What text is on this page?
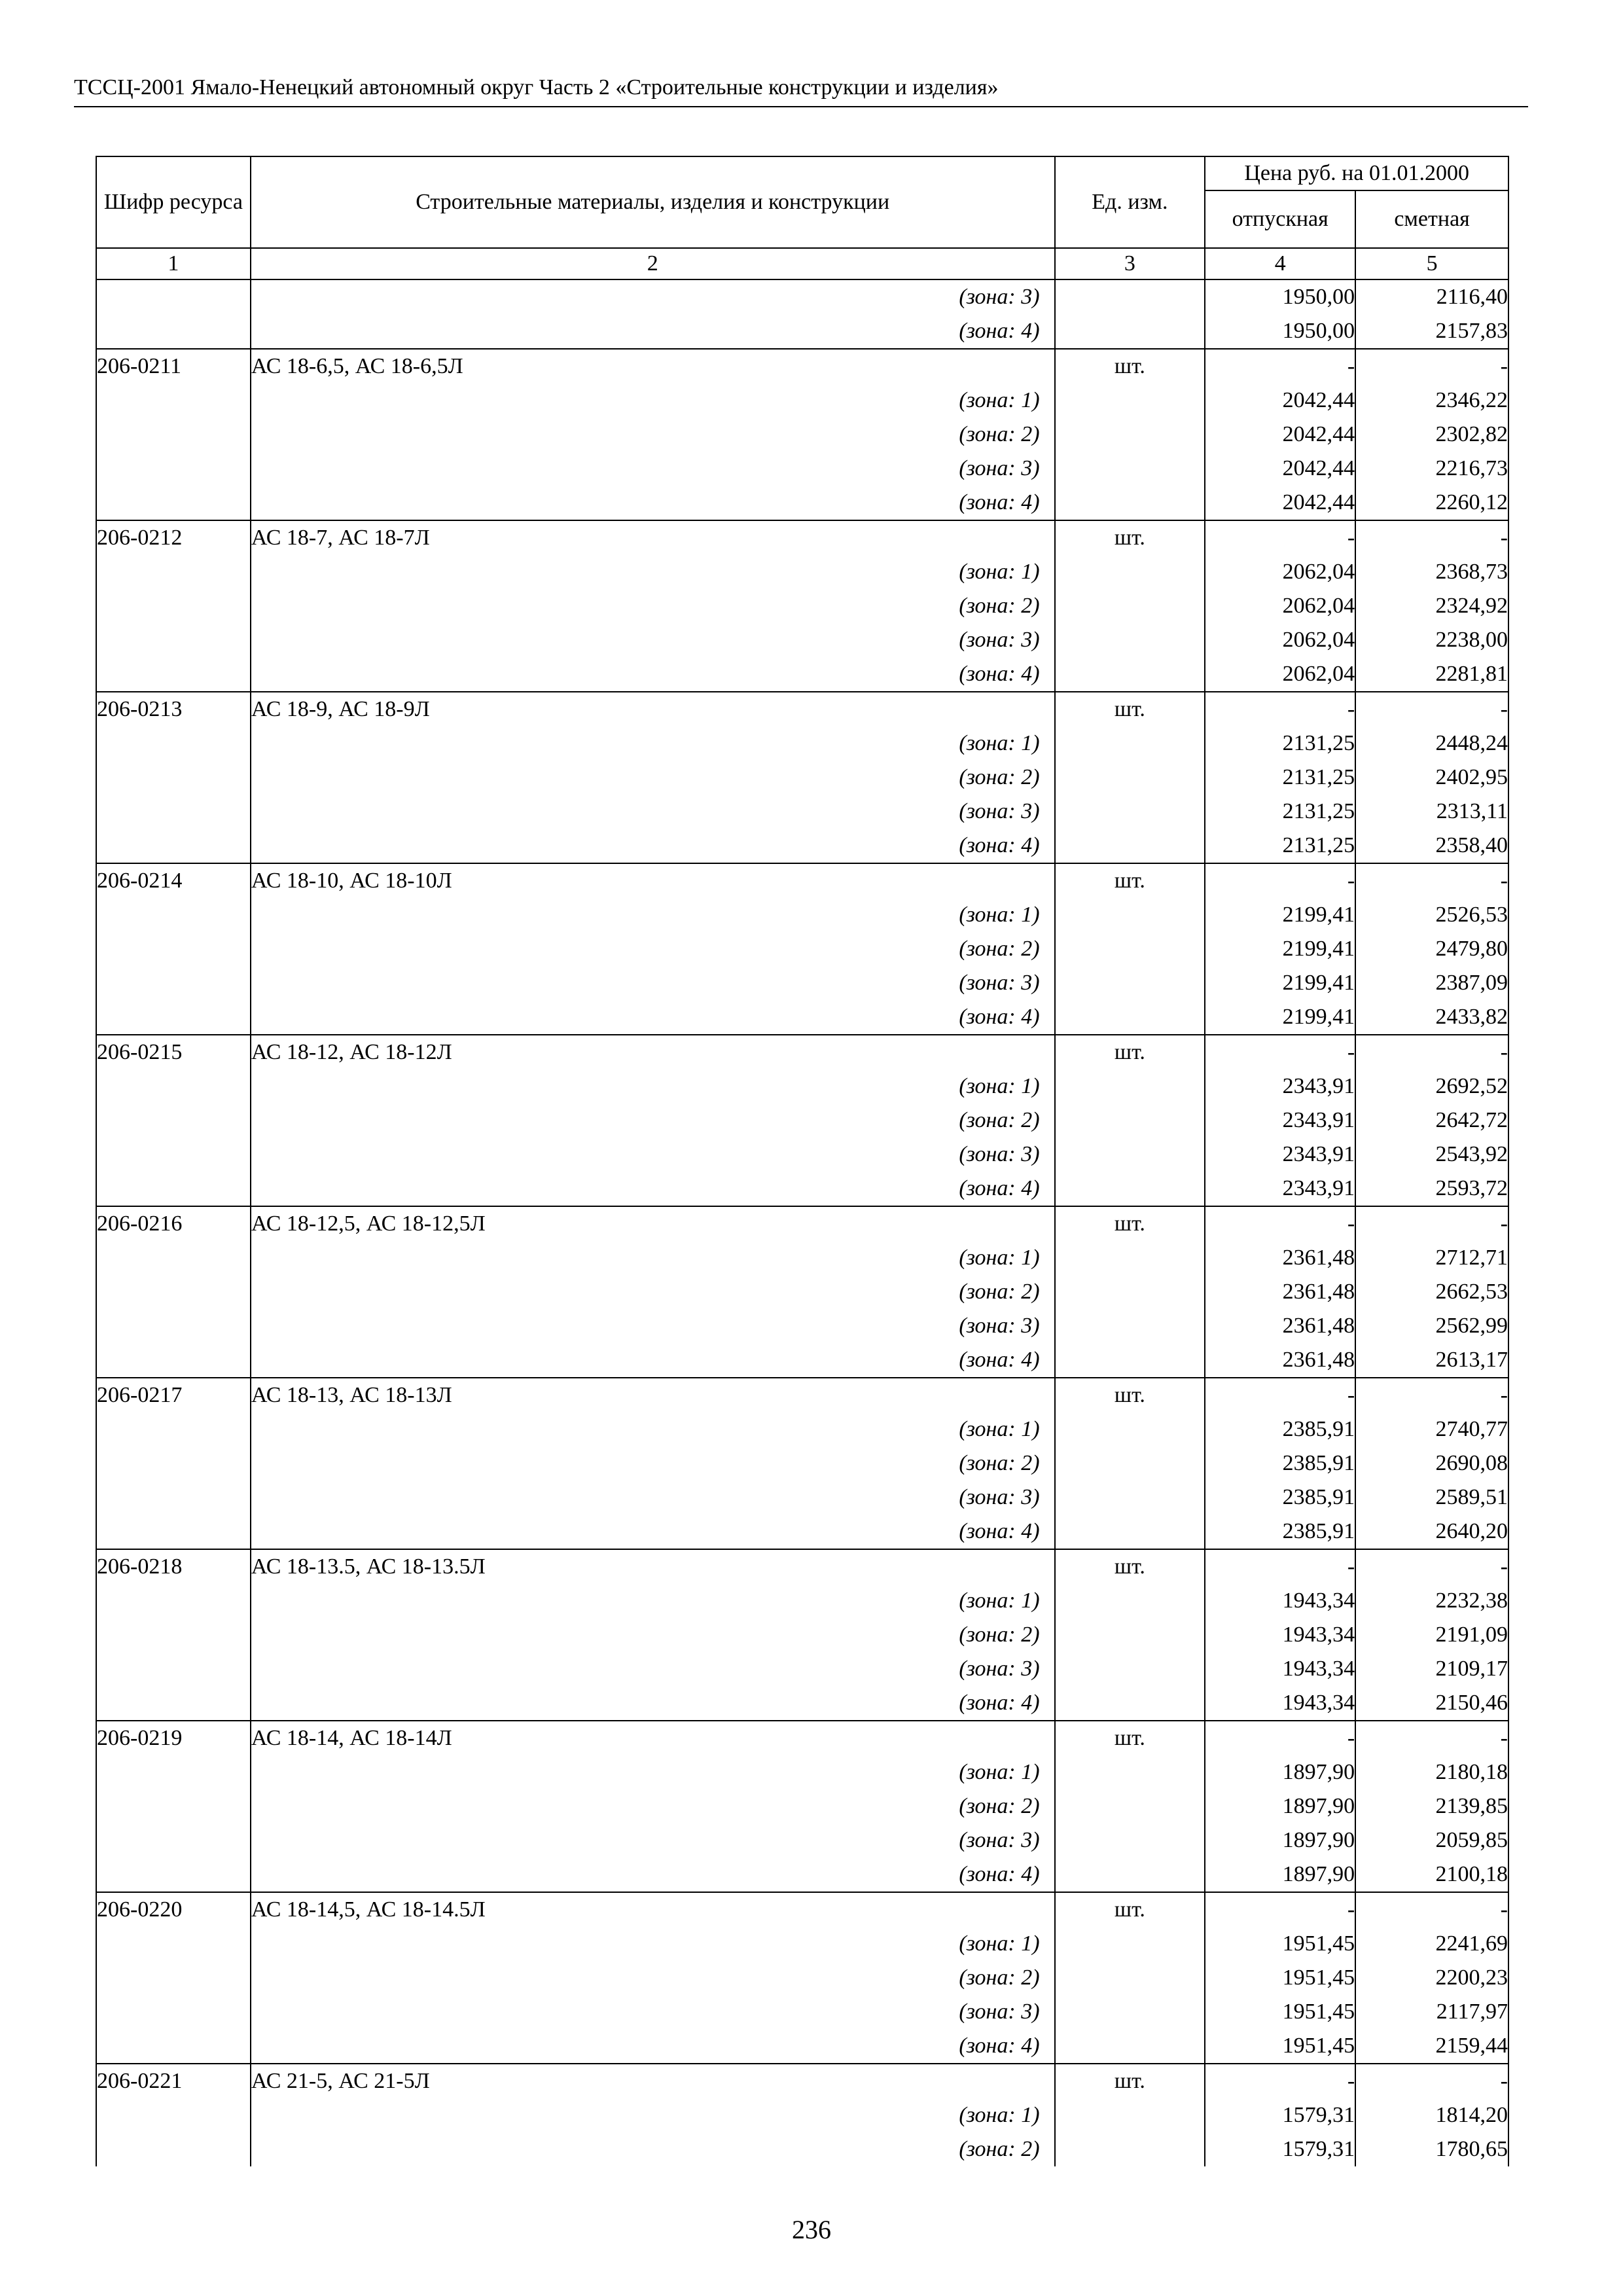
ТССЦ-2001 Ямало-Ненецкий автономный округ Часть 2 «Строительные конструкции и изделия»
Шифр ресурса	Строительные материалы, изделия и конструкции	Ед. изм.	Цена руб. на 01.01.2000	
			отпускная	сметная
1	2	3	4	5
	(зона: 3)		1950,00	2116,40
	(зона: 4)		1950,00	2157,83
206-0211	АС 18-6,5, АС 18-6,5Л	шт.	-	-
	(зона: 1)		2042,44	2346,22
	(зона: 2)		2042,44	2302,82
	(зона: 3)		2042,44	2216,73
	(зона: 4)		2042,44	2260,12
206-0212	АС 18-7, АС 18-7Л	шт.	-	-
	(зона: 1)		2062,04	2368,73
	(зона: 2)		2062,04	2324,92
	(зона: 3)		2062,04	2238,00
	(зона: 4)		2062,04	2281,81
206-0213	АС 18-9, АС 18-9Л	шт.	-	-
	(зона: 1)		2131,25	2448,24
	(зона: 2)		2131,25	2402,95
	(зона: 3)		2131,25	2313,11
	(зона: 4)		2131,25	2358,40
206-0214	АС 18-10, АС 18-10Л	шт.	-	-
	(зона: 1)		2199,41	2526,53
	(зона: 2)		2199,41	2479,80
	(зона: 3)		2199,41	2387,09
	(зона: 4)		2199,41	2433,82
206-0215	АС 18-12, АС 18-12Л	шт.	-	-
	(зона: 1)		2343,91	2692,52
	(зона: 2)		2343,91	2642,72
	(зона: 3)		2343,91	2543,92
	(зона: 4)		2343,91	2593,72
206-0216	АС 18-12,5, АС 18-12,5Л	шт.	-	-
	(зона: 1)		2361,48	2712,71
	(зона: 2)		2361,48	2662,53
	(зона: 3)		2361,48	2562,99
	(зона: 4)		2361,48	2613,17
206-0217	АС 18-13, АС 18-13Л	шт.	-	-
	(зона: 1)		2385,91	2740,77
	(зона: 2)		2385,91	2690,08
	(зона: 3)		2385,91	2589,51
	(зона: 4)		2385,91	2640,20
206-0218	АС 18-13.5, АС 18-13.5Л	шт.	-	-
	(зона: 1)		1943,34	2232,38
	(зона: 2)		1943,34	2191,09
	(зона: 3)		1943,34	2109,17
	(зона: 4)		1943,34	2150,46
206-0219	АС 18-14, АС 18-14Л	шт.	-	-
	(зона: 1)		1897,90	2180,18
	(зона: 2)		1897,90	2139,85
	(зона: 3)		1897,90	2059,85
	(зона: 4)		1897,90	2100,18
206-0220	АС 18-14,5, АС 18-14.5Л	шт.	-	-
	(зона: 1)		1951,45	2241,69
	(зона: 2)		1951,45	2200,23
	(зона: 3)		1951,45	2117,97
	(зона: 4)		1951,45	2159,44
206-0221	АС 21-5, АС 21-5Л	шт.	-	-
	(зона: 1)		1579,31	1814,20
	(зона: 2)		1579,31	1780,65
236
